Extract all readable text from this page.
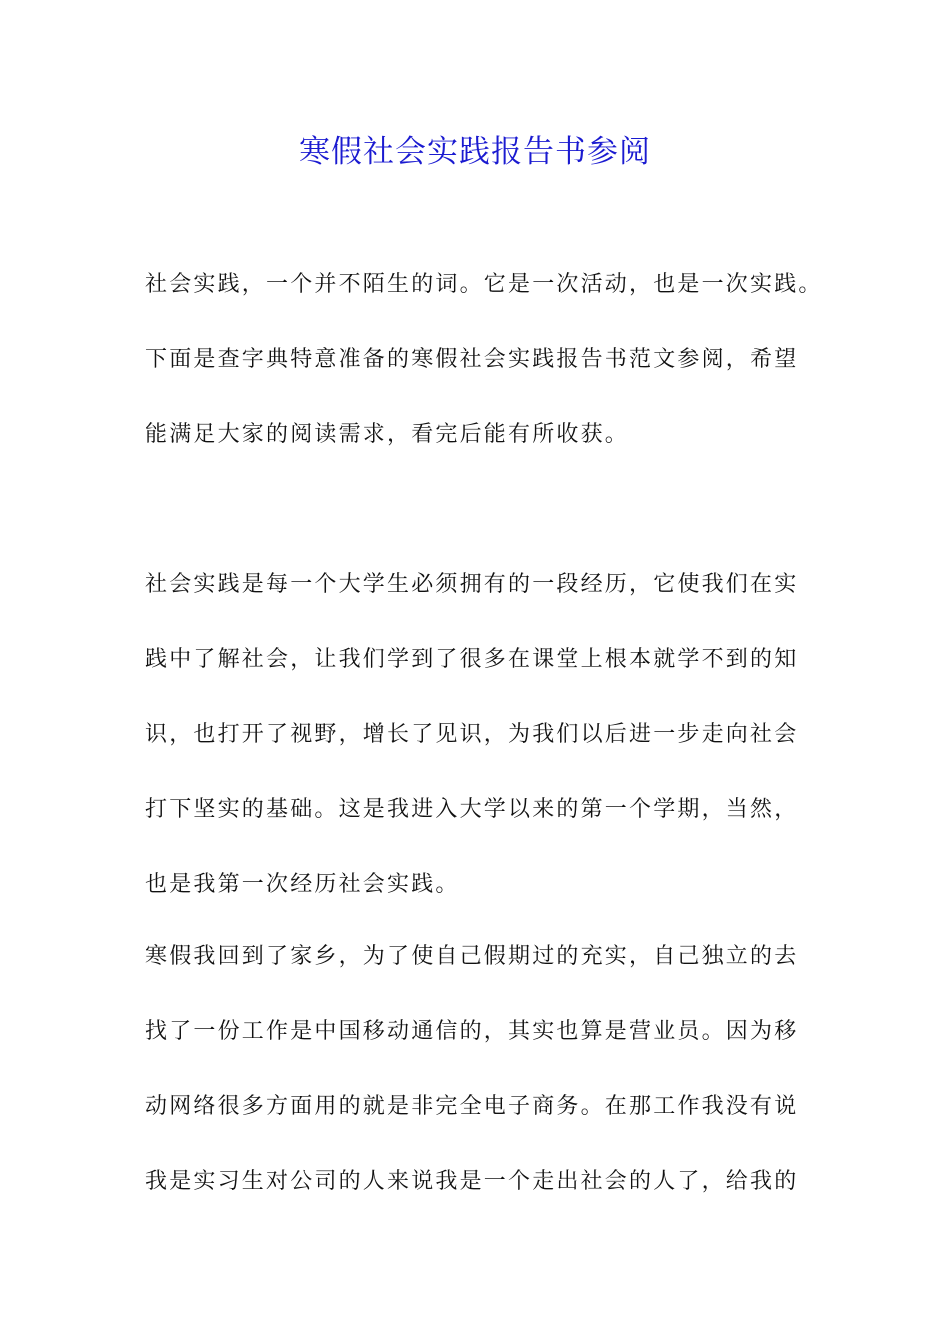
寒假社会实践报告书参阅
社会实践，一个并不陌生的词。它是一次活动，也是一次实践。
下面是查字典特意准备的寒假社会实践报告书范文参阅，希望
能满足大家的阅读需求，看完后能有所收获。
社会实践是每一个大学生必须拥有的一段经历，它使我们在实
践中了解社会，让我们学到了很多在课堂上根本就学不到的知
识，也打开了视野，增长了见识，为我们以后进一步走向社会
打下坚实的基础。这是我进入大学以来的第一个学期，当然，
也是我第一次经历社会实践。
寒假我回到了家乡，为了使自己假期过的充实，自己独立的去
找了一份工作是中国移动通信的，其实也算是营业员。因为移
动网络很多方面用的就是非完全电子商务。在那工作我没有说
我是实习生对公司的人来说我是一个走出社会的人了，给我的
